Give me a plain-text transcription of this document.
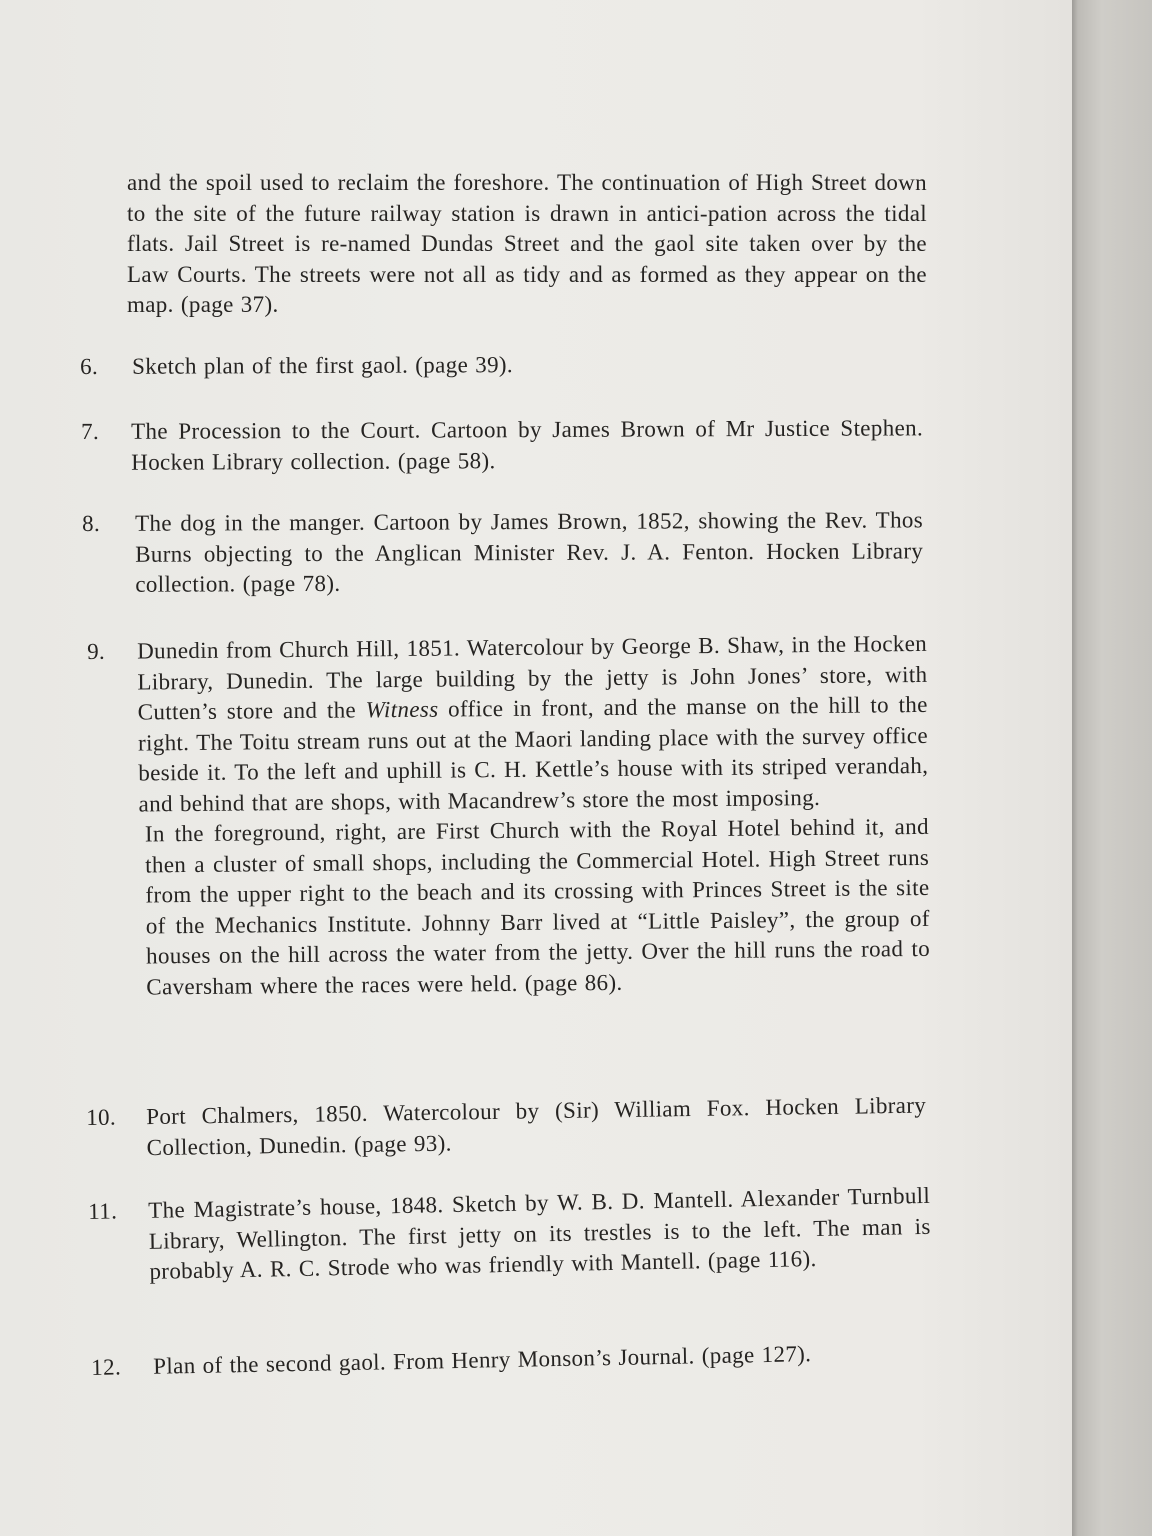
and the spoil used to reclaim the foreshore. The continuation of High Street down to the site of the future railway station is drawn in antici-pation across the tidal flats. Jail Street is re-named Dundas Street and the gaol site taken over by the Law Courts. The streets were not all as tidy and as formed as they appear on the map. (page 37).
6. Sketch plan of the first gaol. (page 39).
7. The Procession to the Court. Cartoon by James Brown of Mr Justice Stephen. Hocken Library collection. (page 58).
8. The dog in the manger. Cartoon by James Brown, 1852, showing the Rev. Thos Burns objecting to the Anglican Minister Rev. J. A. Fenton. Hocken Library collection. (page 78).
9. Dunedin from Church Hill, 1851. Watercolour by George B. Shaw, in the Hocken Library, Dunedin. The large building by the jetty is John Jones’ store, with Cutten’s store and the Witness office in front, and the manse on the hill to the right. The Toitu stream runs out at the Maori landing place with the survey office beside it. To the left and uphill is C. H. Kettle’s house with its striped verandah, and behind that are shops, with Macandrew’s store the most imposing.

In the foreground, right, are First Church with the Royal Hotel behind it, and then a cluster of small shops, including the Commercial Hotel. High Street runs from the upper right to the beach and its crossing with Princes Street is the site of the Mechanics Institute. Johnny Barr lived at “Little Paisley”, the group of houses on the hill across the water from the jetty. Over the hill runs the road to Caversham where the races were held. (page 86).

10. Port Chalmers, 1850. Watercolour by (Sir) William Fox. Hocken Library Collection, Dunedin. (page 93).
11. The Magistrate’s house, 1848. Sketch by W. B. D. Mantell. Alexander Turnbull Library, Wellington. The first jetty on its trestles is to the left. The man is probably A. R. C. Strode who was friendly with Mantell. (page 116).
12. Plan of the second gaol. From Henry Monson’s Journal. (page 127).
